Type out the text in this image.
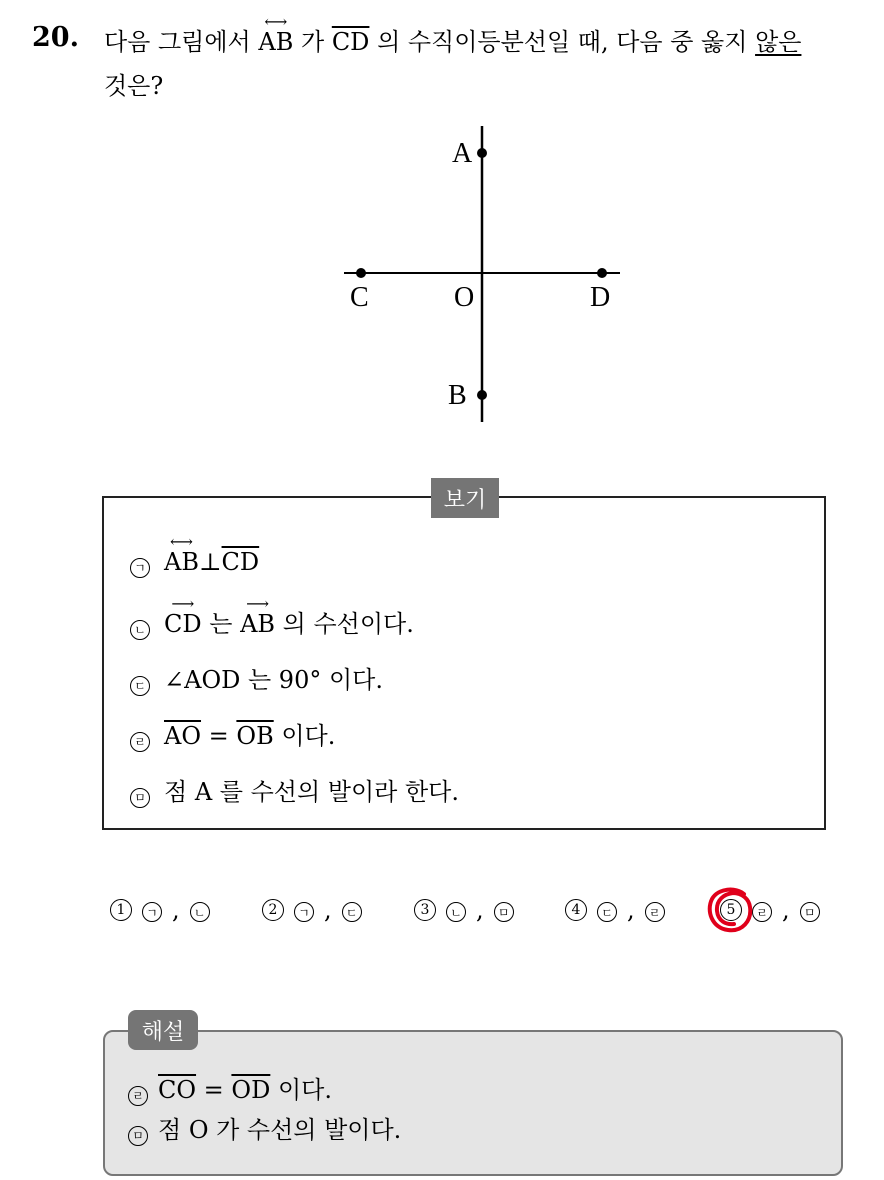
20. 다음 그림에서
⟷
AB 가 $\overline{CD}$ 의 수직이등분선일 때, 다음 중 옳지 않은
것은?
A
B
C	D
O
보기
ㄱ
⟷
$AB\perp\overline{CD}$
ㄴ
⟶
CD 는
⟶
AB 의 수선이다.
ㄷ ∠AOD 는 90° 이다.
ㄹ $\overline{AO} = \overline{OB}$ 이다.
ㅁ 점 A 를 수선의 발이라 한다.
1	ㄱ ,	ㄴ	2	ㄱ ,	ㄷ	3	ㄴ ,	ㅁ	4	ㄷ ,	ㄹ	5	ㄹ ,	ㅁ
해설
ㄹ $\overline{CO} = \overline{OD}$ 이다.
ㅁ 점 O 가 수선의 발이다.
